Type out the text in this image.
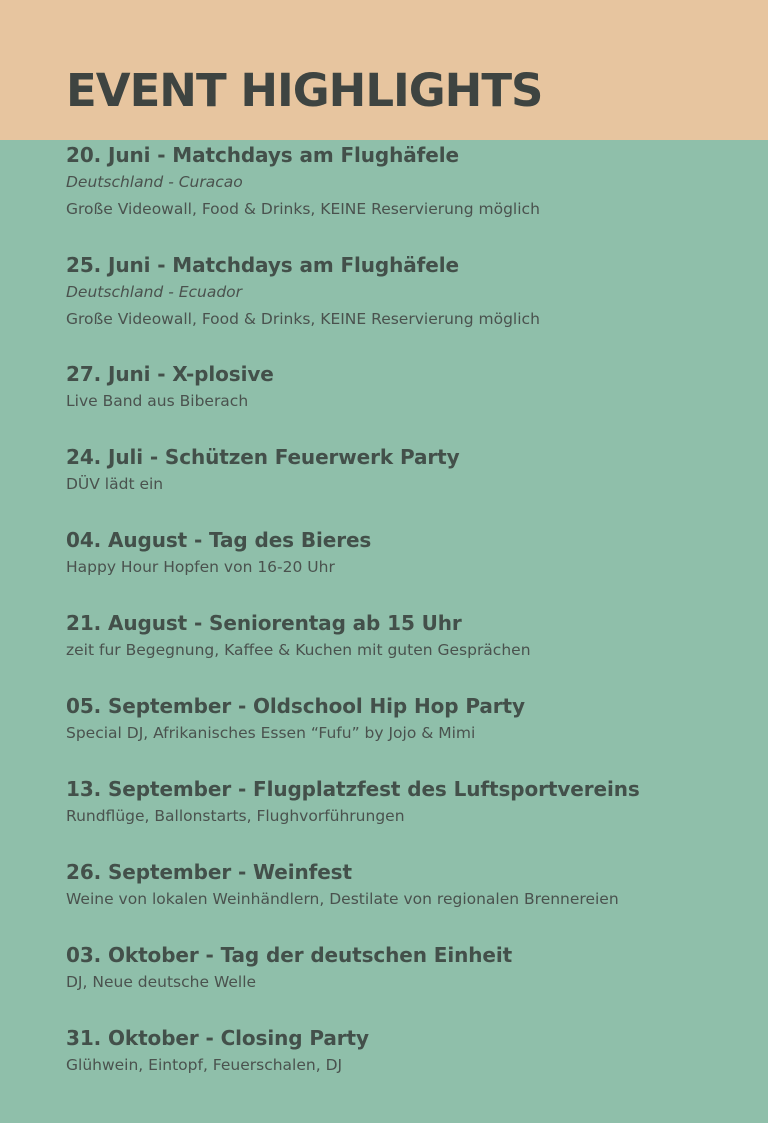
EVENT HIGHLIGHTS
20. Juni - Matchdays am Flughäfele
Deutschland - Curacao
Große Videowall, Food & Drinks, KEINE Reservierung möglich
25. Juni - Matchdays am Flughäfele
Deutschland - Ecuador
Große Videowall, Food & Drinks, KEINE Reservierung möglich
27. Juni - X-plosive
Live Band aus Biberach
24. Juli - Schützen Feuerwerk Party
DÜV lädt ein
04. August - Tag des Bieres
Happy Hour Hopfen von 16-20 Uhr
21. August - Seniorentag ab 15 Uhr
zeit fur Begegnung, Kaffee & Kuchen mit guten Gesprächen
05. September - Oldschool Hip Hop Party
Special DJ, Afrikanisches Essen “Fufu” by Jojo & Mimi
13. September - Flugplatzfest des Luftsportvereins
Rundflüge, Ballonstarts, Flughvorführungen
26. September - Weinfest
Weine von lokalen Weinhändlern, Destilate von regionalen Brennereien
03. Oktober - Tag der deutschen Einheit
DJ, Neue deutsche Welle
31. Oktober - Closing Party
Glühwein, Eintopf, Feuerschalen, DJ
